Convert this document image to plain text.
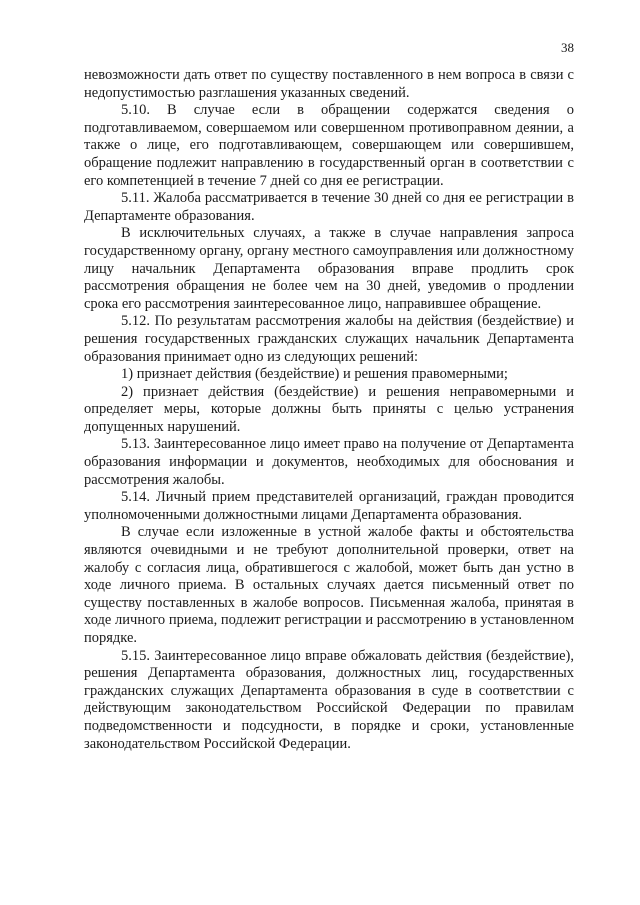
38

невозможности дать ответ по существу поставленного в нем вопроса в связи с недопустимостью разглашения указанных сведений.

5.10. В случае если в обращении содержатся сведения о подготавливаемом, совершаемом или совершенном противоправном деянии, а также о лице, его подготавливающем, совершающем или совершившем, обращение подлежит направлению в государственный орган в соответствии с его компетенцией в течение 7 дней со дня ее регистрации.

5.11. Жалоба рассматривается в течение 30 дней со дня ее регистрации в Департаменте образования.

В исключительных случаях, а также в случае направления запроса государственному органу, органу местного самоуправления или должностному лицу начальник Департамента образования вправе продлить срок рассмотрения обращения не более чем на 30 дней, уведомив о продлении срока его рассмотрения заинтересованное лицо, направившее обращение.

5.12. По результатам рассмотрения жалобы на действия (бездействие) и решения государственных гражданских служащих начальник Департамента образования принимает одно из следующих решений:

1) признает действия (бездействие) и решения правомерными;

2) признает действия (бездействие) и решения неправомерными и определяет меры, которые должны быть приняты с целью устранения допущенных нарушений.

5.13. Заинтересованное лицо имеет право на получение от Департамента образования информации и документов, необходимых для обоснования и рассмотрения жалобы.

5.14. Личный прием представителей организаций, граждан проводится уполномоченными должностными лицами Департамента образования.

В случае если изложенные в устной жалобе факты и обстоятельства являются очевидными и не требуют дополнительной проверки, ответ на жалобу с согласия лица, обратившегося с жалобой, может быть дан устно в ходе личного приема. В остальных случаях дается письменный ответ по существу поставленных в жалобе вопросов. Письменная жалоба, принятая в ходе личного приема, подлежит регистрации и рассмотрению в установленном порядке.

5.15. Заинтересованное лицо вправе обжаловать действия (бездействие), решения Департамента образования, должностных лиц, государственных гражданских служащих Департамента образования в суде в соответствии с действующим законодательством Российской Федерации по правилам подведомственности и подсудности, в порядке и сроки, установленные законодательством Российской Федерации.
